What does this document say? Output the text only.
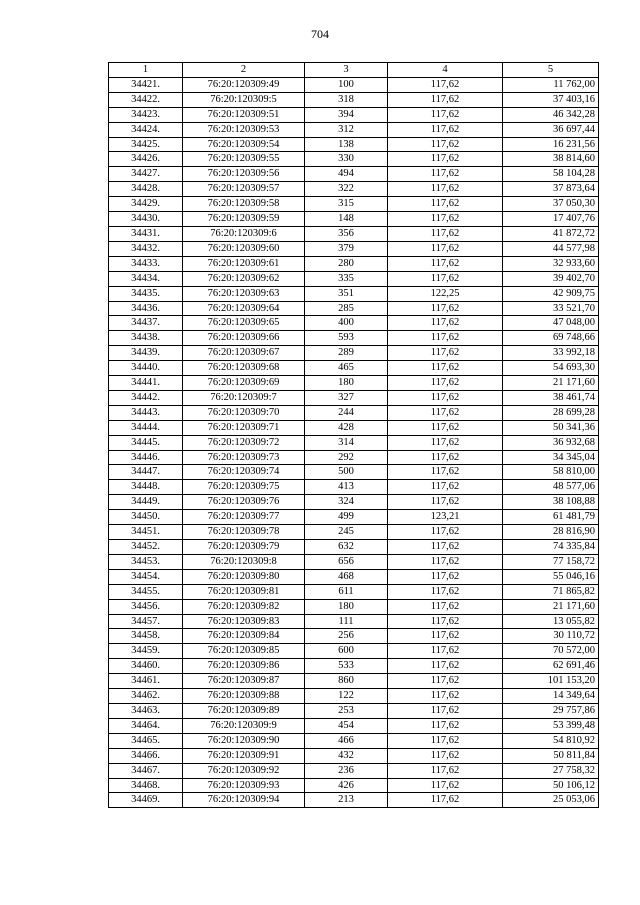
704
1	2	3	4	5
34421.	76:20:120309:49	100	117,62	11 762,00
34422.	76:20:120309:5	318	117,62	37 403,16
34423.	76:20:120309:51	394	117,62	46 342,28
34424.	76:20:120309:53	312	117,62	36 697,44
34425.	76:20:120309:54	138	117,62	16 231,56
34426.	76:20:120309:55	330	117,62	38 814,60
34427.	76:20:120309:56	494	117,62	58 104,28
34428.	76:20:120309:57	322	117,62	37 873,64
34429.	76:20:120309:58	315	117,62	37 050,30
34430.	76:20:120309:59	148	117,62	17 407,76
34431.	76:20:120309:6	356	117,62	41 872,72
34432.	76:20:120309:60	379	117,62	44 577,98
34433.	76:20:120309:61	280	117,62	32 933,60
34434.	76:20:120309:62	335	117,62	39 402,70
34435.	76:20:120309:63	351	122,25	42 909,75
34436.	76:20:120309:64	285	117,62	33 521,70
34437.	76:20:120309:65	400	117,62	47 048,00
34438.	76:20:120309:66	593	117,62	69 748,66
34439.	76:20:120309:67	289	117,62	33 992,18
34440.	76:20:120309:68	465	117,62	54 693,30
34441.	76:20:120309:69	180	117,62	21 171,60
34442.	76:20:120309:7	327	117,62	38 461,74
34443.	76:20:120309:70	244	117,62	28 699,28
34444.	76:20:120309:71	428	117,62	50 341,36
34445.	76:20:120309:72	314	117,62	36 932,68
34446.	76:20:120309:73	292	117,62	34 345,04
34447.	76:20:120309:74	500	117,62	58 810,00
34448.	76:20:120309:75	413	117,62	48 577,06
34449.	76:20:120309:76	324	117,62	38 108,88
34450.	76:20:120309:77	499	123,21	61 481,79
34451.	76:20:120309:78	245	117,62	28 816,90
34452.	76:20:120309:79	632	117,62	74 335,84
34453.	76:20:120309:8	656	117,62	77 158,72
34454.	76:20:120309:80	468	117,62	55 046,16
34455.	76:20:120309:81	611	117,62	71 865,82
34456.	76:20:120309:82	180	117,62	21 171,60
34457.	76:20:120309:83	111	117,62	13 055,82
34458.	76:20:120309:84	256	117,62	30 110,72
34459.	76:20:120309:85	600	117,62	70 572,00
34460.	76:20:120309:86	533	117,62	62 691,46
34461.	76:20:120309:87	860	117,62	101 153,20
34462.	76:20:120309:88	122	117,62	14 349,64
34463.	76:20:120309:89	253	117,62	29 757,86
34464.	76:20:120309:9	454	117,62	53 399,48
34465.	76:20:120309:90	466	117,62	54 810,92
34466.	76:20:120309:91	432	117,62	50 811,84
34467.	76:20:120309:92	236	117,62	27 758,32
34468.	76:20:120309:93	426	117,62	50 106,12
34469.	76:20:120309:94	213	117,62	25 053,06
